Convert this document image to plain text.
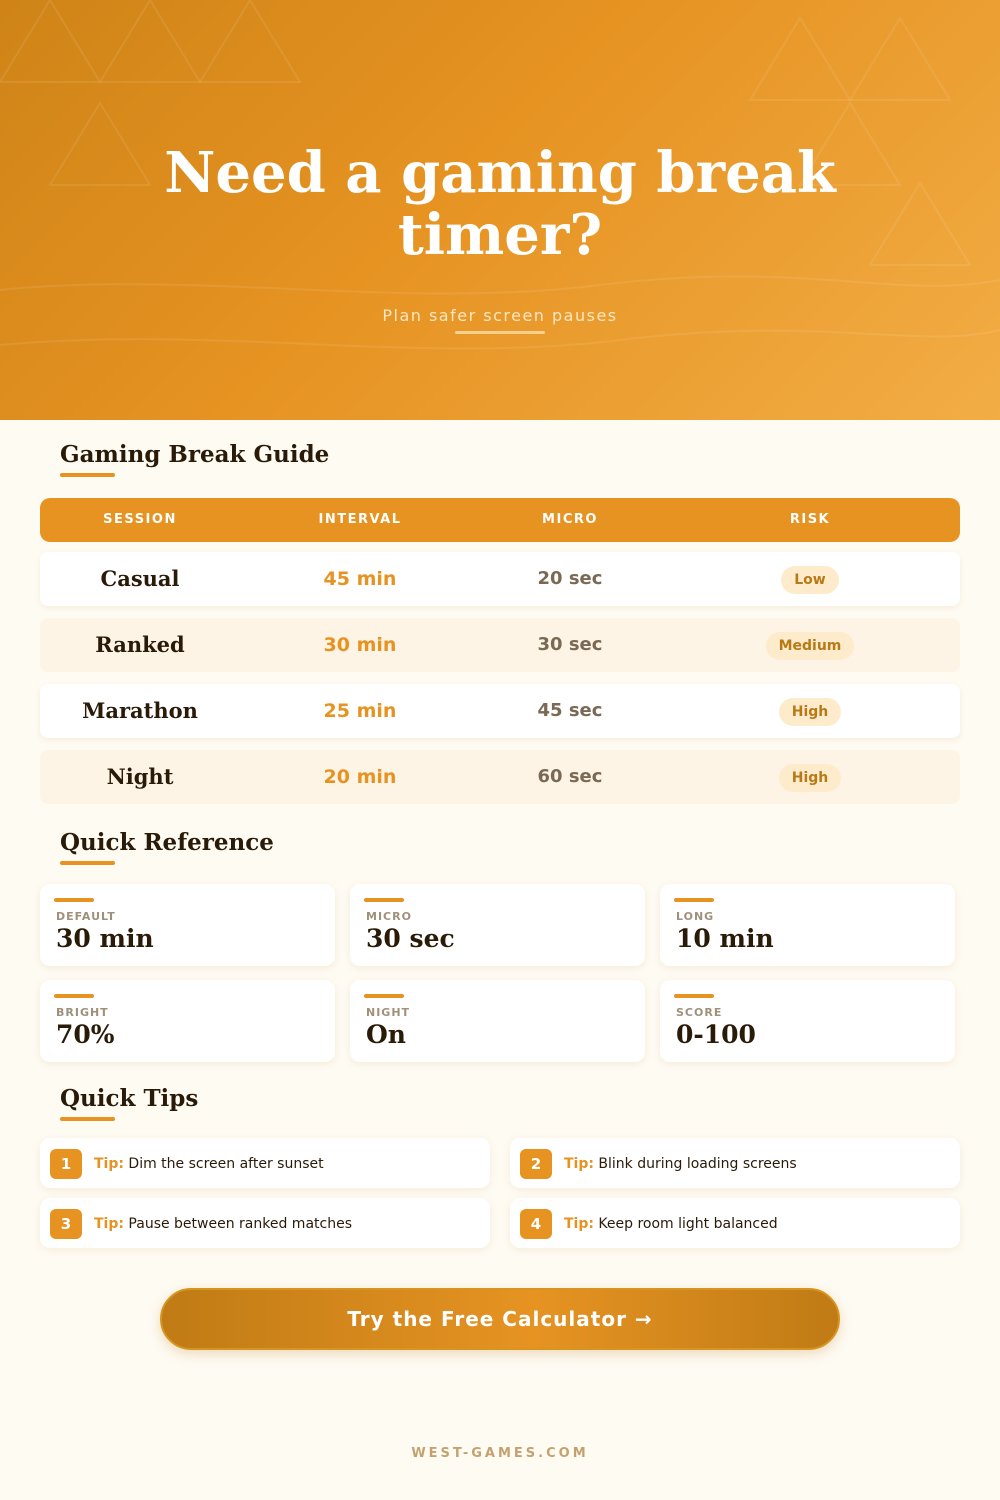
Need a gaming break timer?
Plan safer screen pauses
Gaming Break Guide
SESSION	INTERVAL	MICRO	RISK
Casual	45 min	20 sec	Low
Ranked	30 min	30 sec	Medium
Marathon	25 min	45 sec	High
Night	20 min	60 sec	High
Quick Reference
DEFAULT
30 min
MICRO
30 sec
LONG
10 min
BRIGHT
70%
NIGHT
On
SCORE
0-100
Quick Tips
1	Tip: Dim the screen after sunset	2	Tip: Blink during loading screens
3	Tip: Pause between ranked matches	4	Tip: Keep room light balanced
Try the Free Calculator →
WEST-GAMES.COM
